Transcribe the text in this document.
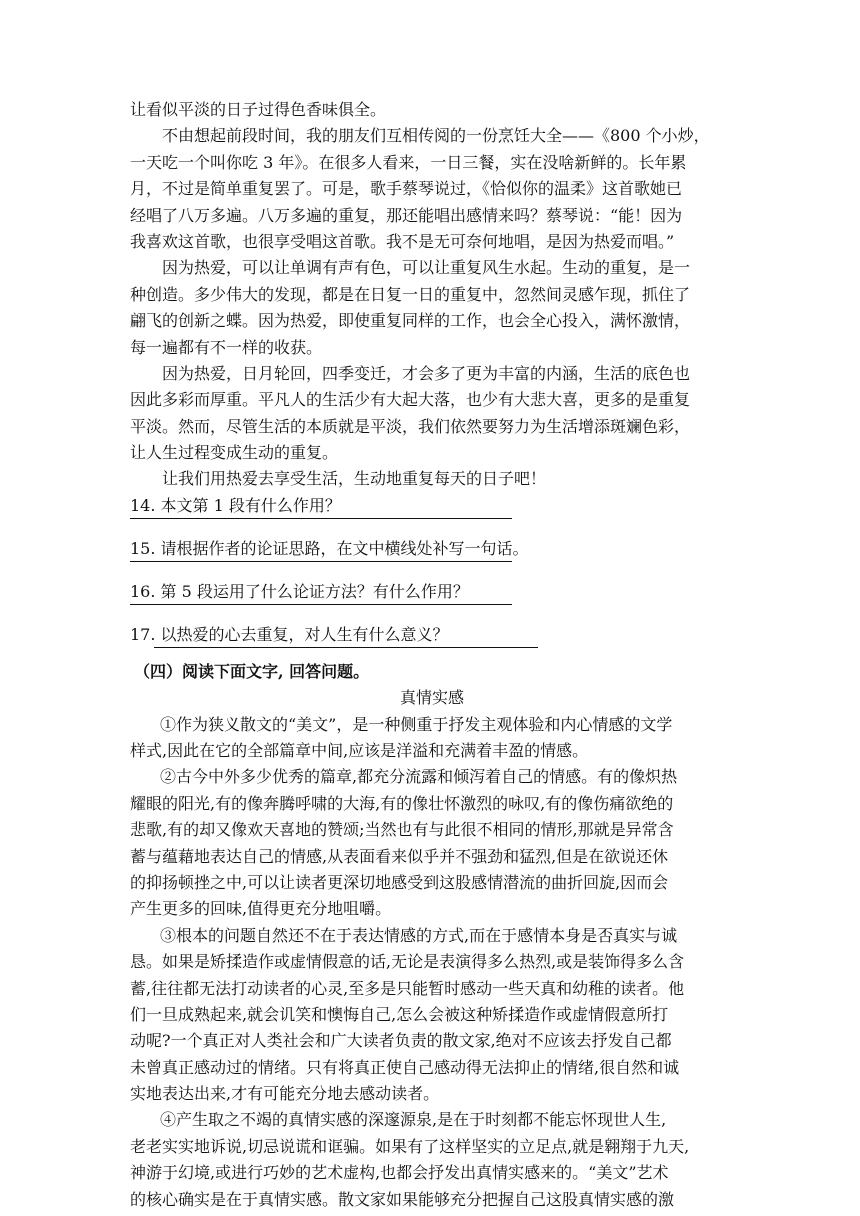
让看似平淡的日子过得色香味俱全。
不由想起前段时间，我的朋友们互相传阅的一份烹饪大全——《800 个小炒，
一天吃一个叫你吃 3 年》。在很多人看来，一日三餐，实在没啥新鲜的。长年累
月，不过是简单重复罢了。可是，歌手蔡琴说过，《恰似你的温柔》这首歌她已
经唱了八万多遍。八万多遍的重复，那还能唱出感情来吗？蔡琴说：“能！因为
我喜欢这首歌，也很享受唱这首歌。我不是无可奈何地唱，是因为热爱而唱。”
因为热爱，可以让单调有声有色，可以让重复风生水起。生动的重复，是一
种创造。多少伟大的发现，都是在日复一日的重复中，忽然间灵感乍现，抓住了
翩飞的创新之蝶。因为热爱，即使重复同样的工作，也会全心投入，满怀激情，
每一遍都有不一样的收获。
因为热爱，日月轮回，四季变迁，才会多了更为丰富的内涵，生活的底色也
因此多彩而厚重。平凡人的生活少有大起大落，也少有大悲大喜，更多的是重复
平淡。然而，尽管生活的本质就是平淡，我们依然要努力为生活增添斑斓色彩，
让人生过程变成生动的重复。
让我们用热爱去享受生活，生动地重复每天的日子吧！
14. 本文第 1 段有什么作用？
15. 请根据作者的论证思路，在文中横线处补写一句话。
16. 第 5 段运用了什么论证方法？有什么作用？
17. 以热爱的心去重复，对人生有什么意义？
（四）阅读下面文字, 回答问题。
真情实感
①作为狭义散文的“美文”，是一种侧重于抒发主观体验和内心情感的文学
样式,因此在它的全部篇章中间,应该是洋溢和充满着丰盈的情感。
②古今中外多少优秀的篇章,都充分流露和倾泻着自己的情感。有的像炽热
耀眼的阳光,有的像奔腾呼啸的大海,有的像壮怀激烈的咏叹,有的像伤痛欲绝的
悲歌,有的却又像欢天喜地的赞颂;当然也有与此很不相同的情形,那就是异常含
蓄与蕴藉地表达自己的情感,从表面看来似乎并不强劲和猛烈,但是在欲说还休
的抑扬顿挫之中,可以让读者更深切地感受到这股感情潜流的曲折回旋,因而会
产生更多的回味,值得更充分地咀嚼。
③根本的问题自然还不在于表达情感的方式,而在于感情本身是否真实与诚
恳。如果是矫揉造作或虚情假意的话,无论是表演得多么热烈,或是装饰得多么含
蓄,往往都无法打动读者的心灵,至多是只能暂时感动一些天真和幼稚的读者。他
们一旦成熟起来,就会讥笑和懊悔自己,怎么会被这种矫揉造作或虚情假意所打
动呢?一个真正对人类社会和广大读者负责的散文家,绝对不应该去抒发自己都
未曾真正感动过的情绪。只有将真正使自己感动得无法抑止的情绪,很自然和诚
实地表达出来,才有可能充分地去感动读者。
④产生取之不竭的真情实感的深邃源泉,是在于时刻都不能忘怀现世人生,
老老实实地诉说,切忌说谎和诓骗。如果有了这样坚实的立足点,就是翱翔于九天,
神游于幻境,或进行巧妙的艺术虚构,也都会抒发出真情实感来的。“美文”艺术
的核心确实是在于真情实感。散文家如果能够充分把握自己这股真情实感的激
